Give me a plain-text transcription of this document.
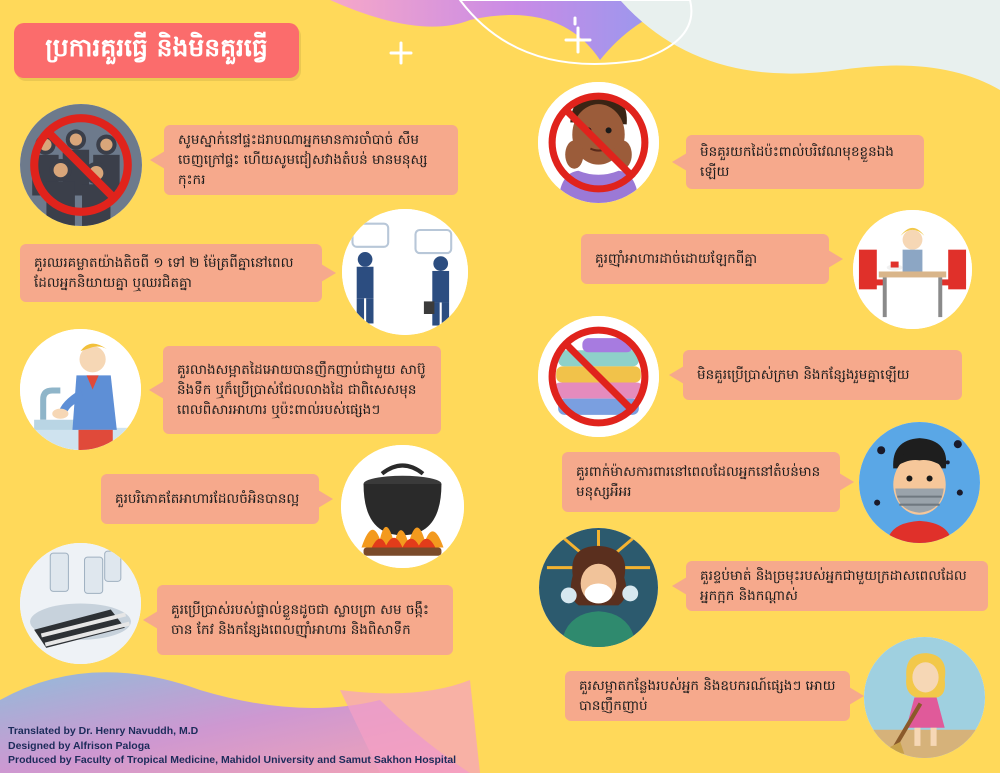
ប្រការគួរធ្វើ និងមិនគួរធ្វើ
សូមស្នាក់នៅផ្ទះដរាបណាអ្នកមានការចាំបាច់ សឹមចេញក្រៅផ្ទះ ហើយសូមជៀសវាងតំបន់ មានមនុស្សកុះករ
គួរឈរគម្លាតយ៉ាងតិចពី ១ ទៅ ២ ម៉ែត្រពីគ្នានៅពេល ដែលអ្នកនិយាយគ្នា ឬឈរជិតគ្នា
គួរលាងសម្អាតដៃអោយបានញឹកញាប់ជាមួយ សាប៊ូនិងទឹក ឬក៏ប្រើប្រាស់ជែលលាងដៃ ជាពិសេសមុនពេលពិសារអាហារ ឬប៉ះពាល់របស់ផ្សេងៗ
គួរបរិភោគតែអាហារដែលចំអិនបានល្អ
គួរប្រើប្រាស់របស់ផ្ទាល់ខ្លួនដូចជា ស្លាបព្រា សម ចង្កឹះ ចាន កែវ និងកន្សែងពេលញ៉ាំអាហារ និងពិសាទឹក
មិនគួរយកដៃប៉ះពាល់បរិវេណមុខខ្លួនឯងឡើយ
គួរញ៉ាំអាហារដាច់ដោយឡែកពីគ្នា
មិនគួរប្រើប្រាស់ក្រមា និងកន្សែងរួមគ្នាឡើយ
គួរពាក់ម៉ាសការពារនៅពេលដែលអ្នកនៅតំបន់មានមនុស្សអឺអរ
គួរខ្ទប់មាត់ និងច្រមុះរបស់អ្នកជាមួយក្រដាសពេលដែលអ្នកក្អក និងកណ្តាស់
គួរសម្អាតកន្លែងរបស់អ្នក និងឧបករណ៍ផ្សេងៗ អោយបានញឹកញាប់
Translated by Dr. Henry Navuddh, M.D
Designed by Alfrison Paloga
Produced by Faculty of Tropical Medicine, Mahidol University and Samut Sakhon Hospital
